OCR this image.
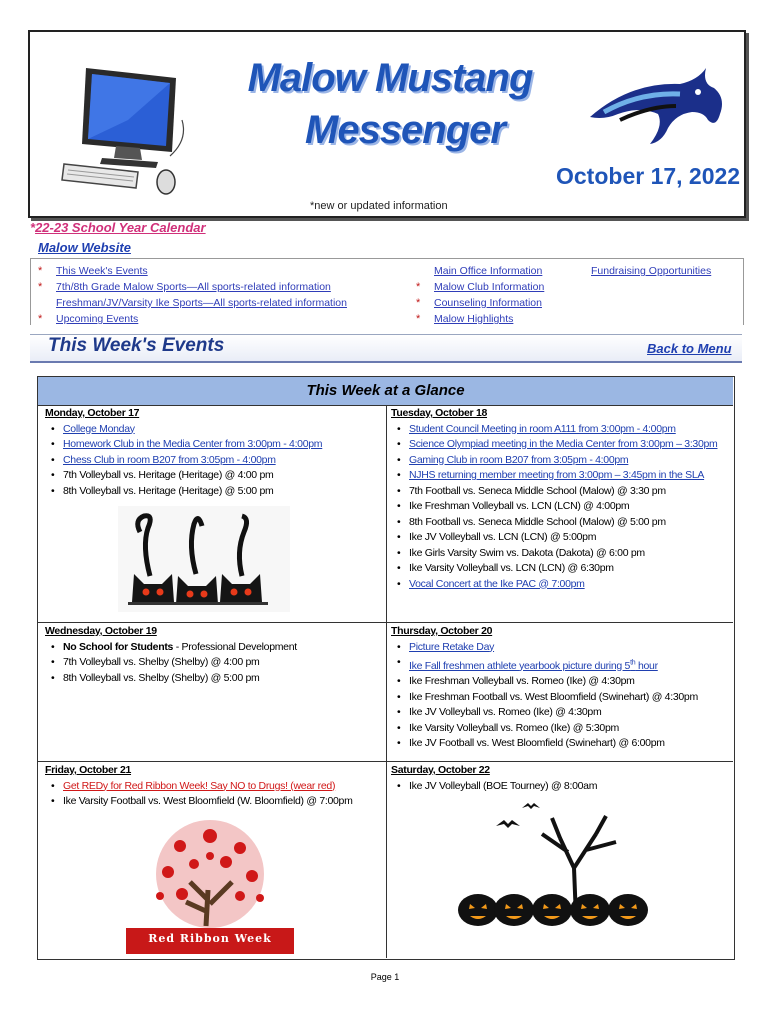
Malow Mustang
Messenger
October 17, 2022
*new or updated information
*22-23 School Year Calendar
Malow Website
* This Week's Events
* 7th/8th Grade Malow Sports—All sports-related information
Freshman/JV/Varsity Ike Sports—All sports-related information
* Upcoming Events
Main Office Information
* Malow Club Information
* Counseling Information
* Malow Highlights
Fundraising Opportunities
This Week's Events	Back to Menu
This Week at a Glance
Monday, October 17
• College Monday
• Homework Club in the Media Center from 3:00pm - 4:00pm
• Chess Club in room B207 from 3:05pm - 4:00pm
• 7th Volleyball vs. Heritage (Heritage) @ 4:00 pm
• 8th Volleyball vs. Heritage (Heritage) @ 5:00 pm
Tuesday, October 18
• Student Council Meeting in room A111 from 3:00pm - 4:00pm
• Science Olympiad meeting in the Media Center from 3:00pm – 3:30pm
• Gaming Club in room B207 from 3:05pm - 4:00pm
• NJHS returning member meeting from 3:00pm – 3:45pm in the SLA
• 7th Football vs. Seneca Middle School (Malow) @ 3:30 pm
• Ike Freshman Volleyball vs. LCN (LCN) @ 4:00pm
• 8th Football vs. Seneca Middle School (Malow) @ 5:00 pm
• Ike JV Volleyball vs. LCN (LCN) @ 5:00pm
• Ike Girls Varsity Swim vs. Dakota (Dakota) @ 6:00 pm
• Ike Varsity Volleyball vs. LCN (LCN) @ 6:30pm
• Vocal Concert at the Ike PAC @ 7:00pm
Wednesday, October 19
• No School for Students - Professional Development
• 7th Volleyball vs. Shelby (Shelby) @ 4:00 pm
• 8th Volleyball vs. Shelby (Shelby) @ 5:00 pm
Thursday, October 20
• Picture Retake Day
• Ike Fall freshmen athlete yearbook picture during 5th hour
• Ike Freshman Volleyball vs. Romeo (Ike) @ 4:30pm
• Ike Freshman Football vs. West Bloomfield (Swinehart) @ 4:30pm
• Ike JV Volleyball vs. Romeo (Ike) @ 4:30pm
• Ike Varsity Volleyball vs. Romeo (Ike) @ 5:30pm
• Ike JV Football vs. West Bloomfield (Swinehart) @ 6:00pm
Friday, October 21
• Get REDy for Red Ribbon Week! Say NO to Drugs! (wear red)
• Ike Varsity Football vs. West Bloomfield (W. Bloomfield) @ 7:00pm
Red Ribbon Week
Saturday, October 22
• Ike JV Volleyball (BOE Tourney) @ 8:00am
Page 1
